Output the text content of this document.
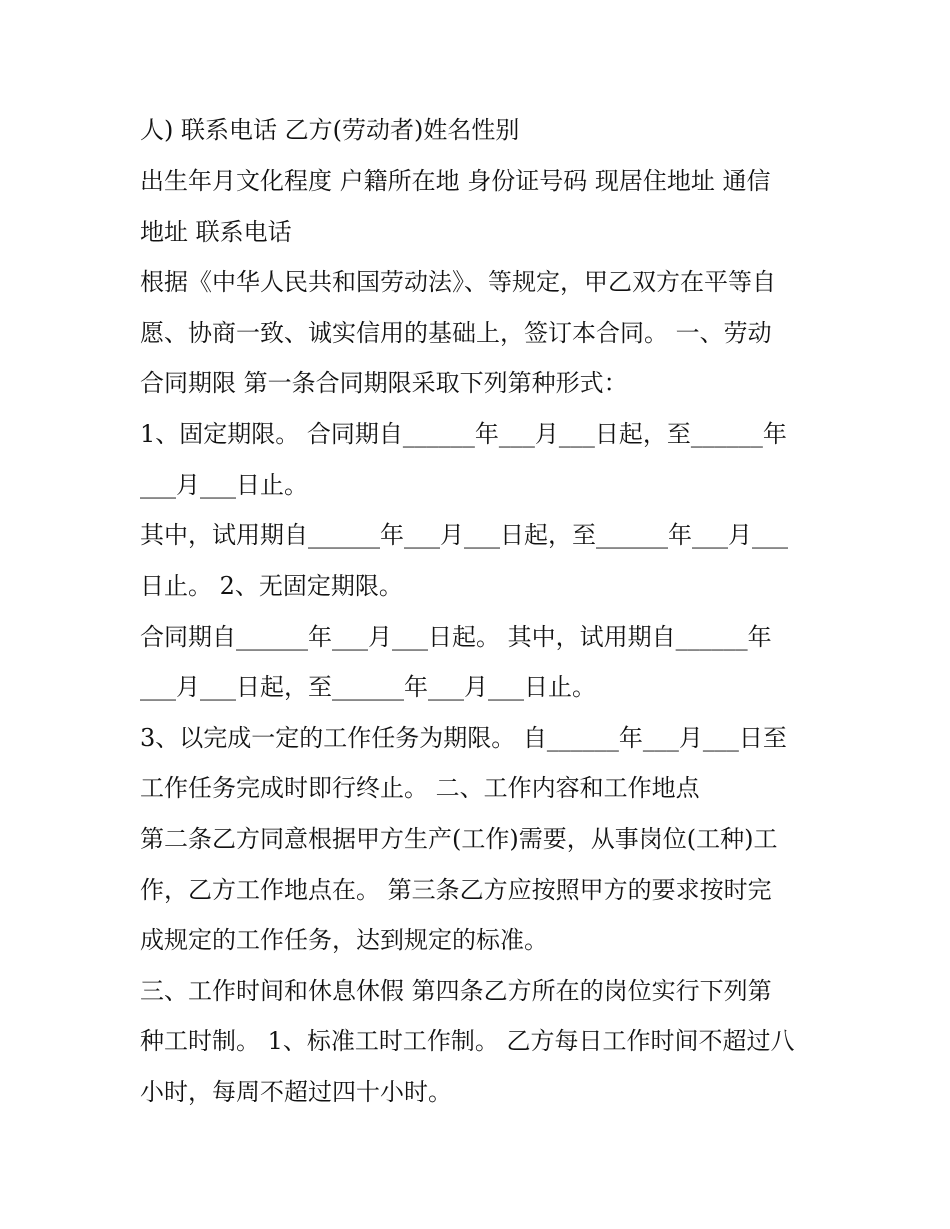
人) 联系电话 乙方(劳动者)姓名性别
出生年月文化程度 户籍所在地 身份证号码 现居住地址 通信
地址 联系电话
根据《中华人民共和国劳动法》、等规定，甲乙双方在平等自
愿、协商一致、诚实信用的基础上，签订本合同。 一、劳动
合同期限 第一条合同期限采取下列第种形式：
1、固定期限。 合同期自______年___月___日起，至______年
___月___日止。
其中，试用期自______年___月___日起，至______年___月___
日止。 2、无固定期限。
合同期自______年___月___日起。 其中，试用期自______年
___月___日起，至______年___月___日止。
3、以完成一定的工作任务为期限。 自______年___月___日至
工作任务完成时即行终止。 二、工作内容和工作地点
第二条乙方同意根据甲方生产(工作)需要，从事岗位(工种)工
作，乙方工作地点在。 第三条乙方应按照甲方的要求按时完
成规定的工作任务，达到规定的标准。
三、工作时间和休息休假 第四条乙方所在的岗位实行下列第
种工时制。 1、标准工时工作制。 乙方每日工作时间不超过八
小时，每周不超过四十小时。
